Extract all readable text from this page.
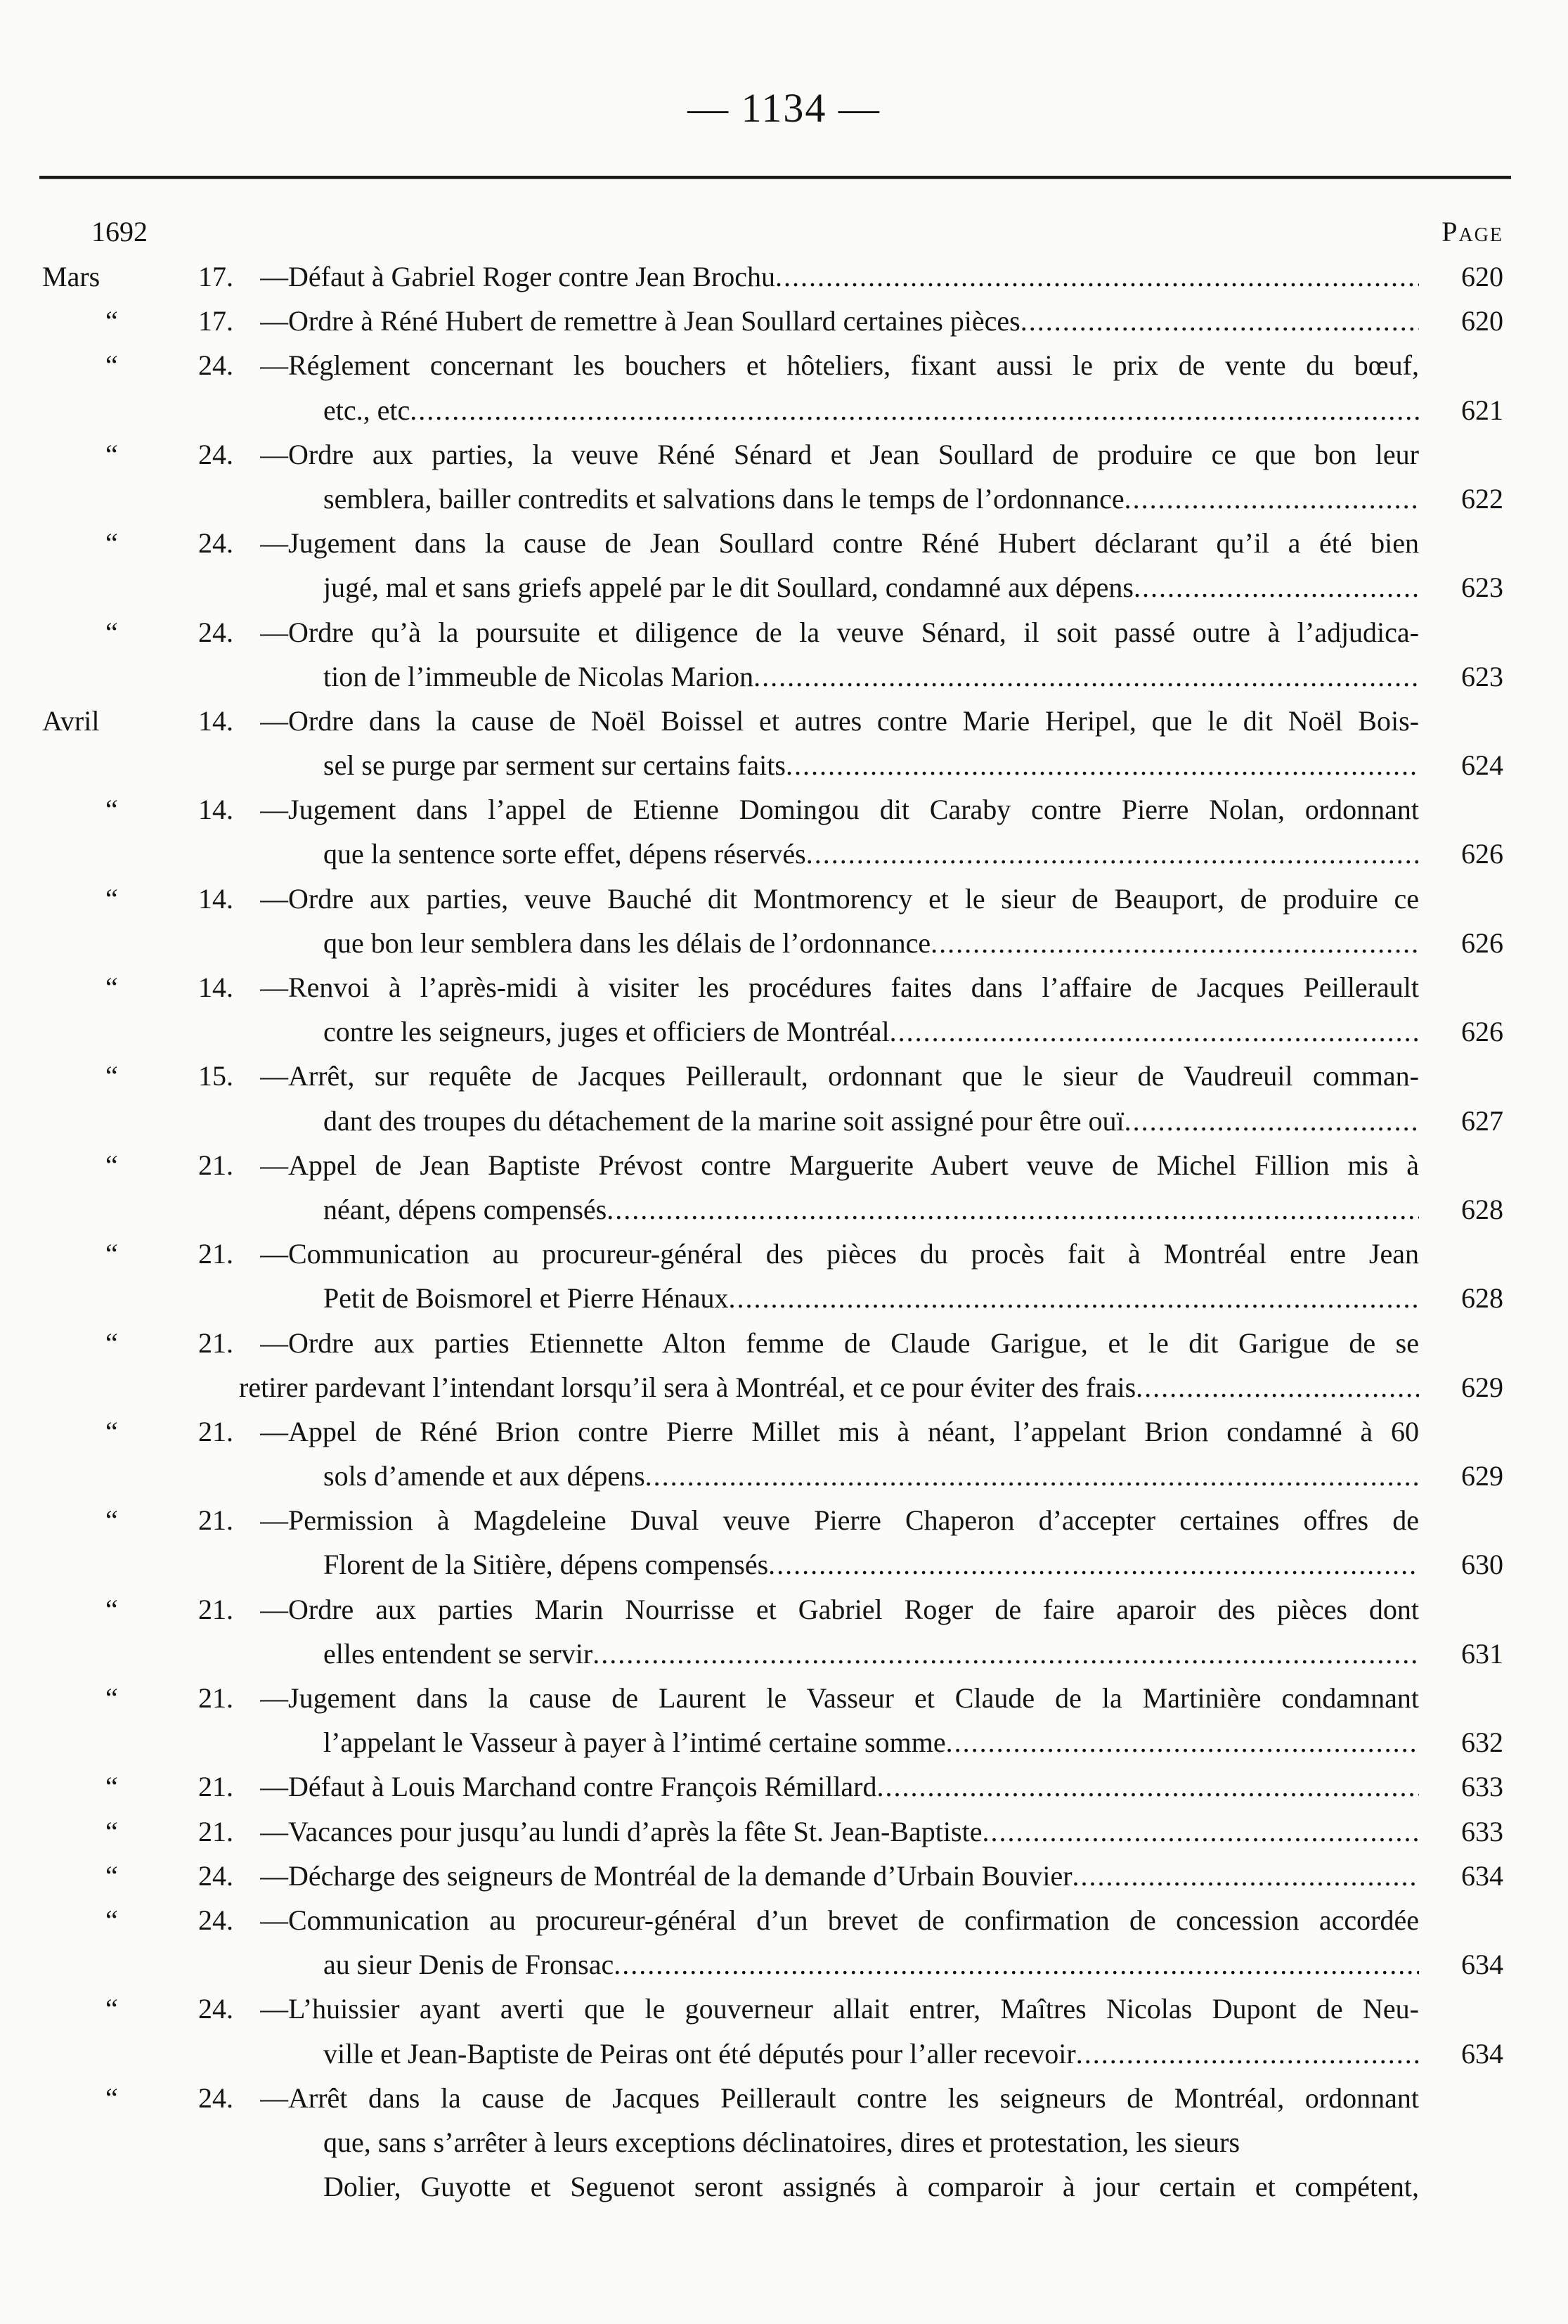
— 1134 —
1692	Page
Mars	17. —Défaut à Gabriel Roger contre Jean Brochu .....	620
“	17. —Ordre à Réné Hubert de remettre à Jean Soullard certaines pièces .....	620
“	24. —Réglement concernant les bouchers et hôteliers, fixant aussi le prix de vente du bœuf,
etc., etc .....	621
“	24. —Ordre aux parties, la veuve Réné Sénard et Jean Soullard de produire ce que bon leur
semblera, bailler contredits et salvations dans le temps de l’ordonnance .....	622
“	24. —Jugement dans la cause de Jean Soullard contre Réné Hubert déclarant qu’il a été bien
jugé, mal et sans griefs appelé par le dit Soullard, condamné aux dépens .....	623
“	24. —Ordre qu’à la poursuite et diligence de la veuve Sénard, il soit passé outre à l’adjudica-
tion de l’immeuble de Nicolas Marion .....	623
Avril	14. —Ordre dans la cause de Noël Boissel et autres contre Marie Heripel, que le dit Noël Bois-
sel se purge par serment sur certains faits .....	624
“	14. —Jugement dans l’appel de Etienne Domingou dit Caraby contre Pierre Nolan, ordonnant
que la sentence sorte effet, dépens réservés .....	626
“	14. —Ordre aux parties, veuve Bauché dit Montmorency et le sieur de Beauport, de produire ce
que bon leur semblera dans les délais de l’ordonnance .....	626
“	14. —Renvoi à l’après-midi à visiter les procédures faites dans l’affaire de Jacques Peillerault
contre les seigneurs, juges et officiers de Montréal .....	626
“	15. —Arrêt, sur requête de Jacques Peillerault, ordonnant que le sieur de Vaudreuil comman-
dant des troupes du détachement de la marine soit assigné pour être ouï .....	627
“	21. —Appel de Jean Baptiste Prévost contre Marguerite Aubert veuve de Michel Fillion mis à
néant, dépens compensés .....	628
“	21. —Communication au procureur-général des pièces du procès fait à Montréal entre Jean
Petit de Boismorel et Pierre Hénaux .....	628
“	21. —Ordre aux parties Etiennette Alton femme de Claude Garigue, et le dit Garigue de se
retirer pardevant l’intendant lorsqu’il sera à Montréal, et ce pour éviter des frais .....	629
“	21. —Appel de Réné Brion contre Pierre Millet mis à néant, l’appelant Brion condamné à 60
sols d’amende et aux dépens .....	629
“	21. —Permission à Magdeleine Duval veuve Pierre Chaperon d’accepter certaines offres de
Florent de la Sitière, dépens compensés .....	630
“	21. —Ordre aux parties Marin Nourrisse et Gabriel Roger de faire aparoir des pièces dont
elles entendent se servir .....	631
“	21. —Jugement dans la cause de Laurent le Vasseur et Claude de la Martinière condamnant
l’appelant le Vasseur à payer à l’intimé certaine somme .....	632
“	21. —Défaut à Louis Marchand contre François Rémillard .....	633
“	21. —Vacances pour jusqu’au lundi d’après la fête St. Jean-Baptiste .....	633
“	24. —Décharge des seigneurs de Montréal de la demande d’Urbain Bouvier .....	634
“	24. —Communication au procureur-général d’un brevet de confirmation de concession accordée
au sieur Denis de Fronsac .....	634
“	24. —L’huissier ayant averti que le gouverneur allait entrer, Maîtres Nicolas Dupont de Neu-
ville et Jean-Baptiste de Peiras ont été députés pour l’aller recevoir .....	634
“	24. —Arrêt dans la cause de Jacques Peillerault contre les seigneurs de Montréal, ordonnant
que, sans s’arrêter à leurs exceptions déclinatoires, dires et protestation, les sieurs
Dolier, Guyotte et Seguenot seront assignés à comparoir à jour certain et compétent,
